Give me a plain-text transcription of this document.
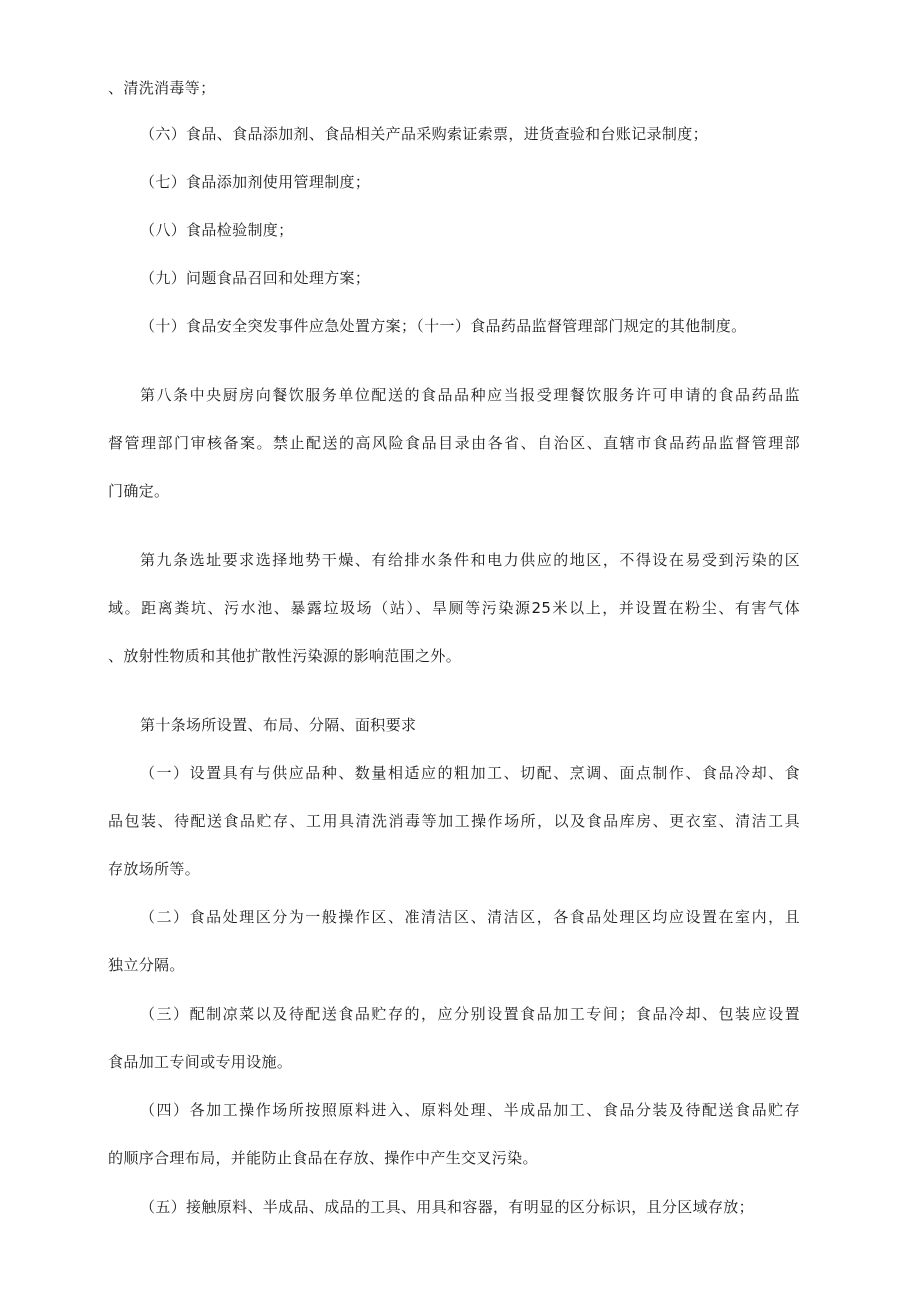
、清洗消毒等；

（六）食品、食品添加剂、食品相关产品采购索证索票，进货查验和台账记录制度；

（七）食品添加剂使用管理制度；

（八）食品检验制度；

（九）问题食品召回和处理方案；

（十）食品安全突发事件应急处置方案；（十一）食品药品监督管理部门规定的其他制度。

第八条中央厨房向餐饮服务单位配送的食品品种应当报受理餐饮服务许可申请的食品药品监

督管理部门审核备案。禁止配送的高风险食品目录由各省、自治区、直辖市食品药品监督管理部

门确定。

第九条选址要求选择地势干燥、有给排水条件和电力供应的地区，不得设在易受到污染的区

域。距离粪坑、污水池、暴露垃圾场（站）、旱厕等污染源25米以上，并设置在粉尘、有害气体

、放射性物质和其他扩散性污染源的影响范围之外。

第十条场所设置、布局、分隔、面积要求

（一）设置具有与供应品种、数量相适应的粗加工、切配、烹调、面点制作、食品冷却、食

品包装、待配送食品贮存、工用具清洗消毒等加工操作场所，以及食品库房、更衣室、清洁工具

存放场所等。

（二）食品处理区分为一般操作区、准清洁区、清洁区，各食品处理区均应设置在室内，且

独立分隔。

（三）配制凉菜以及待配送食品贮存的，应分别设置食品加工专间；食品冷却、包装应设置

食品加工专间或专用设施。

（四）各加工操作场所按照原料进入、原料处理、半成品加工、食品分装及待配送食品贮存

的顺序合理布局，并能防止食品在存放、操作中产生交叉污染。

（五）接触原料、半成品、成品的工具、用具和容器，有明显的区分标识，且分区域存放；
